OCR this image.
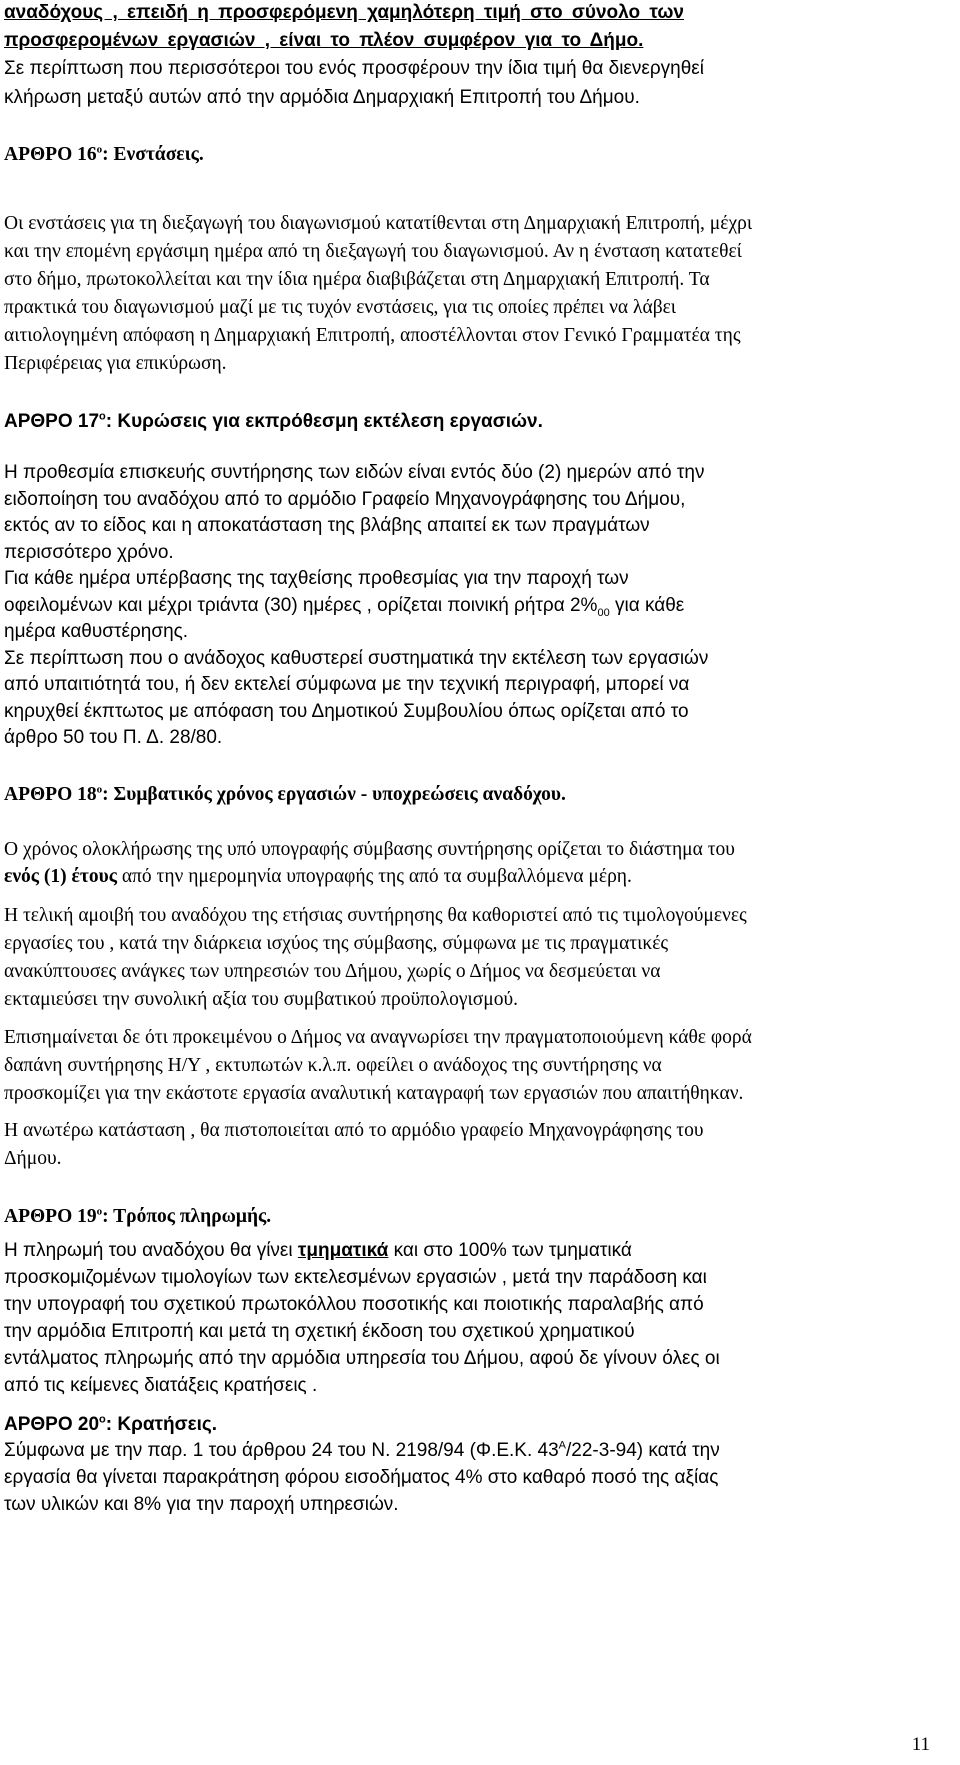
αναδόχους , επειδή η προσφερόμενη χαμηλότερη τιμή στο σύνολο των
προσφερομένων εργασιών , είναι το πλέον συμφέρον για το Δήμο.
Σε περίπτωση που περισσότεροι του ενός προσφέρουν την ίδια τιμή θα διενεργηθεί
κλήρωση μεταξύ αυτών από την αρμόδια Δημαρχιακή Επιτροπή του Δήμου.
ΑΡΘΡΟ $16^o$: Ενστάσεις.
Οι ενστάσεις για τη διεξαγωγή του διαγωνισμού κατατίθενται στη Δημαρχιακή Επιτροπή, μέχρι
και την επομένη εργάσιμη ημέρα από τη διεξαγωγή του διαγωνισμού. Αν η ένσταση κατατεθεί
στο δήμο, πρωτοκολλείται και την ίδια ημέρα διαβιβάζεται στη Δημαρχιακή Επιτροπή. Τα
πρακτικά του διαγωνισμού μαζί με τις τυχόν ενστάσεις, για τις οποίες πρέπει να λάβει
αιτιολογημένη απόφαση η Δημαρχιακή Επιτροπή, αποστέλλονται στον Γενικό Γραμματέα της
Περιφέρειας για επικύρωση.
ΑΡΘΡΟ $17^o$: Κυρώσεις για εκπρόθεσμη εκτέλεση εργασιών.
Η προθεσμία επισκευής συντήρησης των ειδών είναι εντός δύο (2) ημερών από την
ειδοποίηση του αναδόχου από το αρμόδιο Γραφείο Μηχανογράφησης του Δήμου,
εκτός αν το είδος και η αποκατάσταση της βλάβης απαιτεί εκ των πραγμάτων
περισσότερο χρόνο.
Για κάθε ημέρα υπέρβασης της ταχθείσης προθεσμίας για την παροχή των
οφειλομένων και μέχρι τριάντα (30) ημέρες , ορίζεται ποινική ρήτρα $2\%_{00}$ για κάθε
ημέρα καθυστέρησης.
Σε περίπτωση που ο ανάδοχος καθυστερεί συστηματικά την εκτέλεση των εργασιών
από υπαιτιότητά του, ή δεν εκτελεί σύμφωνα με την τεχνική περιγραφή, μπορεί να
κηρυχθεί έκπτωτος με απόφαση του Δημοτικού Συμβουλίου όπως ορίζεται από το
άρθρο 50 του Π. Δ. 28/80.
ΑΡΘΡΟ $18^o$: Συμβατικός χρόνος εργασιών - υποχρεώσεις αναδόχου.
Ο χρόνος ολοκλήρωσης της υπό υπογραφής σύμβασης συντήρησης ορίζεται το διάστημα του
ενός (1) έτους από την ημερομηνία υπογραφής της από τα συμβαλλόμενα μέρη.
Η τελική αμοιβή του αναδόχου της ετήσιας συντήρησης θα καθοριστεί από τις τιμολογούμενες
εργασίες του , κατά την διάρκεια ισχύος της σύμβασης, σύμφωνα με τις πραγματικές
ανακύπτουσες ανάγκες των υπηρεσιών του Δήμου, χωρίς ο Δήμος να δεσμεύεται να
εκταμιεύσει την συνολική αξία του συμβατικού προϋπολογισμού.
Επισημαίνεται δε ότι προκειμένου ο Δήμος να αναγνωρίσει την πραγματοποιούμενη κάθε φορά
δαπάνη συντήρησης Η/Υ , εκτυπωτών κ.λ.π. οφείλει ο ανάδοχος της συντήρησης να
προσκομίζει για την εκάστοτε εργασία αναλυτική καταγραφή των εργασιών που απαιτήθηκαν.
Η ανωτέρω κατάσταση , θα πιστοποιείται από το αρμόδιο γραφείο Μηχανογράφησης του
Δήμου.
ΑΡΘΡΟ $19^o$: Τρόπος πληρωμής.
Η πληρωμή του αναδόχου θα γίνει τμηματικά και στο 100% των τμηματικά
προσκομιζομένων τιμολογίων των εκτελεσμένων εργασιών , μετά την παράδοση και
την υπογραφή του σχετικού πρωτοκόλλου ποσοτικής και ποιοτικής παραλαβής από
την αρμόδια Επιτροπή και μετά τη σχετική έκδοση του σχετικού χρηματικού
εντάλματος πληρωμής από την αρμόδια υπηρεσία του Δήμου, αφού δε γίνουν όλες οι
από τις κείμενες διατάξεις κρατήσεις .
ΑΡΘΡΟ $20^o$: Κρατήσεις.
Σύμφωνα με την παρ. 1 του άρθρου 24 του Ν. 2198/94 (Φ.Ε.Κ. $43^A/22-3-94$) κατά την
εργασία θα γίνεται παρακράτηση φόρου εισοδήματος 4% στο καθαρό ποσό της αξίας
των υλικών και 8% για την παροχή υπηρεσιών.
11
